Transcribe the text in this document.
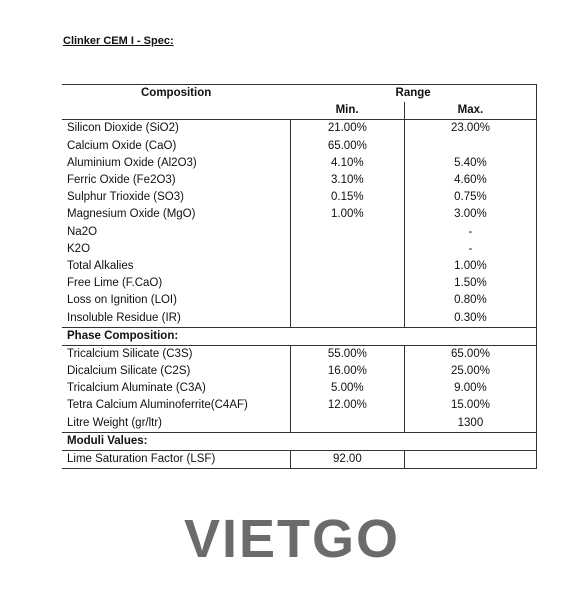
Clinker CEM I - Spec:
Composition	Range	
	Min.	Max.
Silicon Dioxide (SiO2)	21.00%	23.00%
Calcium Oxide (CaO)	65.00%	
Aluminium Oxide (Al2O3)	4.10%	5.40%
Ferric Oxide (Fe2O3)	3.10%	4.60%
Sulphur Trioxide (SO3)	0.15%	0.75%
Magnesium Oxide (MgO)	1.00%	3.00%
Na2O		-
K2O		-
Total Alkalies		1.00%
Free Lime (F.CaO)		1.50%
Loss on Ignition (LOI)		0.80%
Insoluble Residue (IR)		0.30%
Phase Composition:		
Tricalcium Silicate (C3S)	55.00%	65.00%
Dicalcium Silicate (C2S)	16.00%	25.00%
Tricalcium Aluminate (C3A)	5.00%	9.00%
Tetra Calcium Aluminoferrite(C4AF)	12.00%	15.00%
Litre Weight (gr/ltr)		1300
Moduli Values:		
Lime Saturation Factor (LSF)	92.00	
VIETGO
